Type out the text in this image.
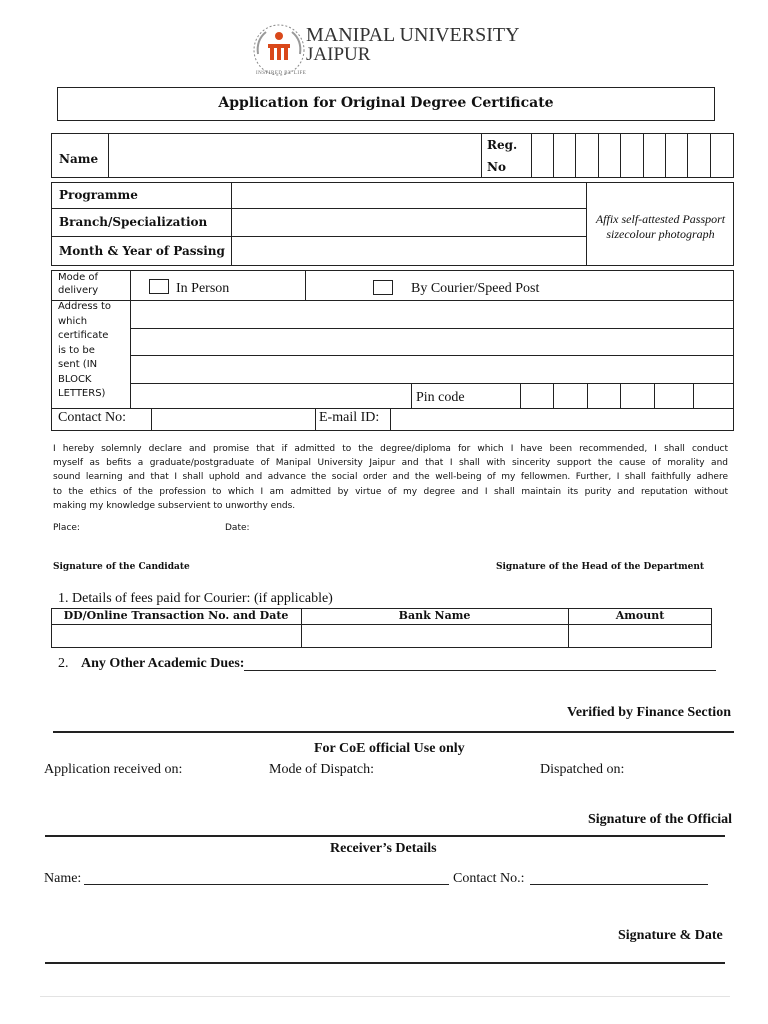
INSPIRED BY LIFE
MANIPAL UNIVERSITY
JAIPUR
Application for Original Degree Certificate
Name
Reg.
No
Programme
Branch/Specialization
Month & Year of Passing
Affix self-attested Passport
sizecolour photograph
Mode of
delivery	In Person	By Courier/Speed Post
Address to
which
certificate
is to be
sent (IN
BLOCK
LETTERS)	Pin code
Contact No:	E-mail ID:
I hereby solemnly declare and promise that if admitted to the degree/diploma for which I have been recommended, I shall conduct
myself as befits a graduate/postgraduate of Manipal University Jaipur and that I shall with sincerity support the cause of morality and
sound learning and that I shall uphold and advance the social order and the well-being of my fellowmen. Further, I shall faithfully adhere
to the ethics of the profession to which I am admitted by virtue of my degree and I shall maintain its purity and reputation without
making my knowledge subservient to unworthy ends.
Place:	Date:
Signature of the Candidate	Signature of the Head of the Department
1. Details of fees paid for Courier: (if applicable)
DD/Online Transaction No. and Date	Bank Name	Amount
2. Any Other Academic Dues:
Verified by Finance Section
For CoE official Use only
Application received on:	Mode of Dispatch:	Dispatched on:
Signature of the Official
Receiver’s Details
Name:	Contact No.:
Signature & Date
